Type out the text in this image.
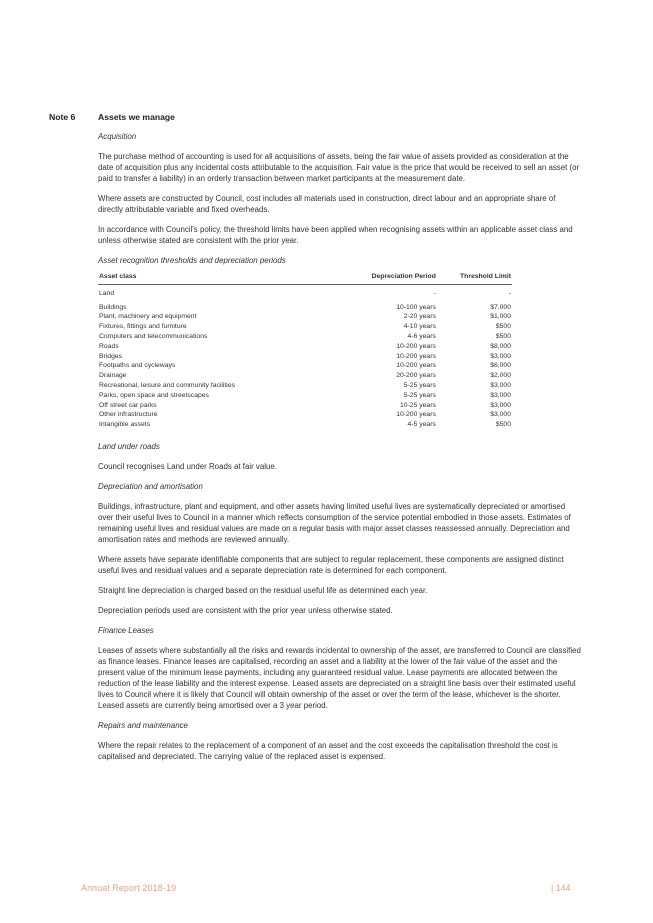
Note 6	Assets we manage
Acquisition

The purchase method of accounting is used for all acquisitions of assets, being the fair value of assets provided as consideration at the date of acquisition plus any incidental costs attributable to the acquisition. Fair value is the price that would be received to sell an asset (or paid to transfer a liability) in an orderly transaction between market participants at the measurement date.

Where assets are constructed by Council, cost includes all materials used in construction, direct labour and an appropriate share of directly attributable variable and fixed overheads.

In accordance with Council's policy, the threshold limits have been applied when recognising assets within an applicable asset class and unless otherwise stated are consistent with the prior year.

Asset recognition thresholds and depreciation periods
Asset class	Depreciation Period	Threshold Limit
Land	-	-
Buildings	10-100 years	$7,000
Plant, machinery and equipment	2-20 years	$1,000
Fixtures, fittings and furniture	4-10 years	$500
Computers and telecommunications	4-6 years	$500
Roads	10-200 years	$8,000
Bridges	10-200 years	$3,000
Footpaths and cycleways	10-200 years	$6,000
Drainage	20-200 years	$2,000
Recreational, leisure and community facilities	5-25 years	$3,000
Parks, open space and streetscapes	5-25 years	$3,000
Off street car parks	10-25 years	$3,000
Other infrastructure	10-200 years	$3,000
Intangible assets	4-5 years	$500
Land under roads

Council recognises Land under Roads at fair value.

Depreciation and amortisation

Buildings, infrastructure, plant and equipment, and other assets having limited useful lives are systematically depreciated or amortised over their useful lives to Council in a manner which reflects consumption of the service potential embodied in those assets. Estimates of remaining useful lives and residual values are made on a regular basis with major asset classes reassessed annually. Depreciation and amortisation rates and methods are reviewed annually.

Where assets have separate identifiable components that are subject to regular replacement, these components are assigned distinct useful lives and residual values and a separate depreciation rate is determined for each component.

Straight line depreciation is charged based on the residual useful life as determined each year.

Depreciation periods used are consistent with the prior year unless otherwise stated.

Finance Leases

Leases of assets where substantially all the risks and rewards incidental to ownership of the asset, are transferred to Council are classified as finance leases. Finance leases are capitalised, recording an asset and a liability at the lower of the fair value of the asset and the present value of the minimum lease payments, including any guaranteed residual value. Lease payments are allocated between the reduction of the lease liability and the interest expense. Leased assets are depreciated on a straight line basis over their estimated useful lives to Council where it is likely that Council will obtain ownership of the asset or over the term of the lease, whichever is the shorter. Leased assets are currently being amortised over a 3 year period.

Repairs and maintenance

Where the repair relates to the replacement of a component of an asset and the cost exceeds the capitalisation threshold the cost is capitalised and depreciated. The carrying value of the replaced asset is expensed.

Annual Report 2018-19	| 144
